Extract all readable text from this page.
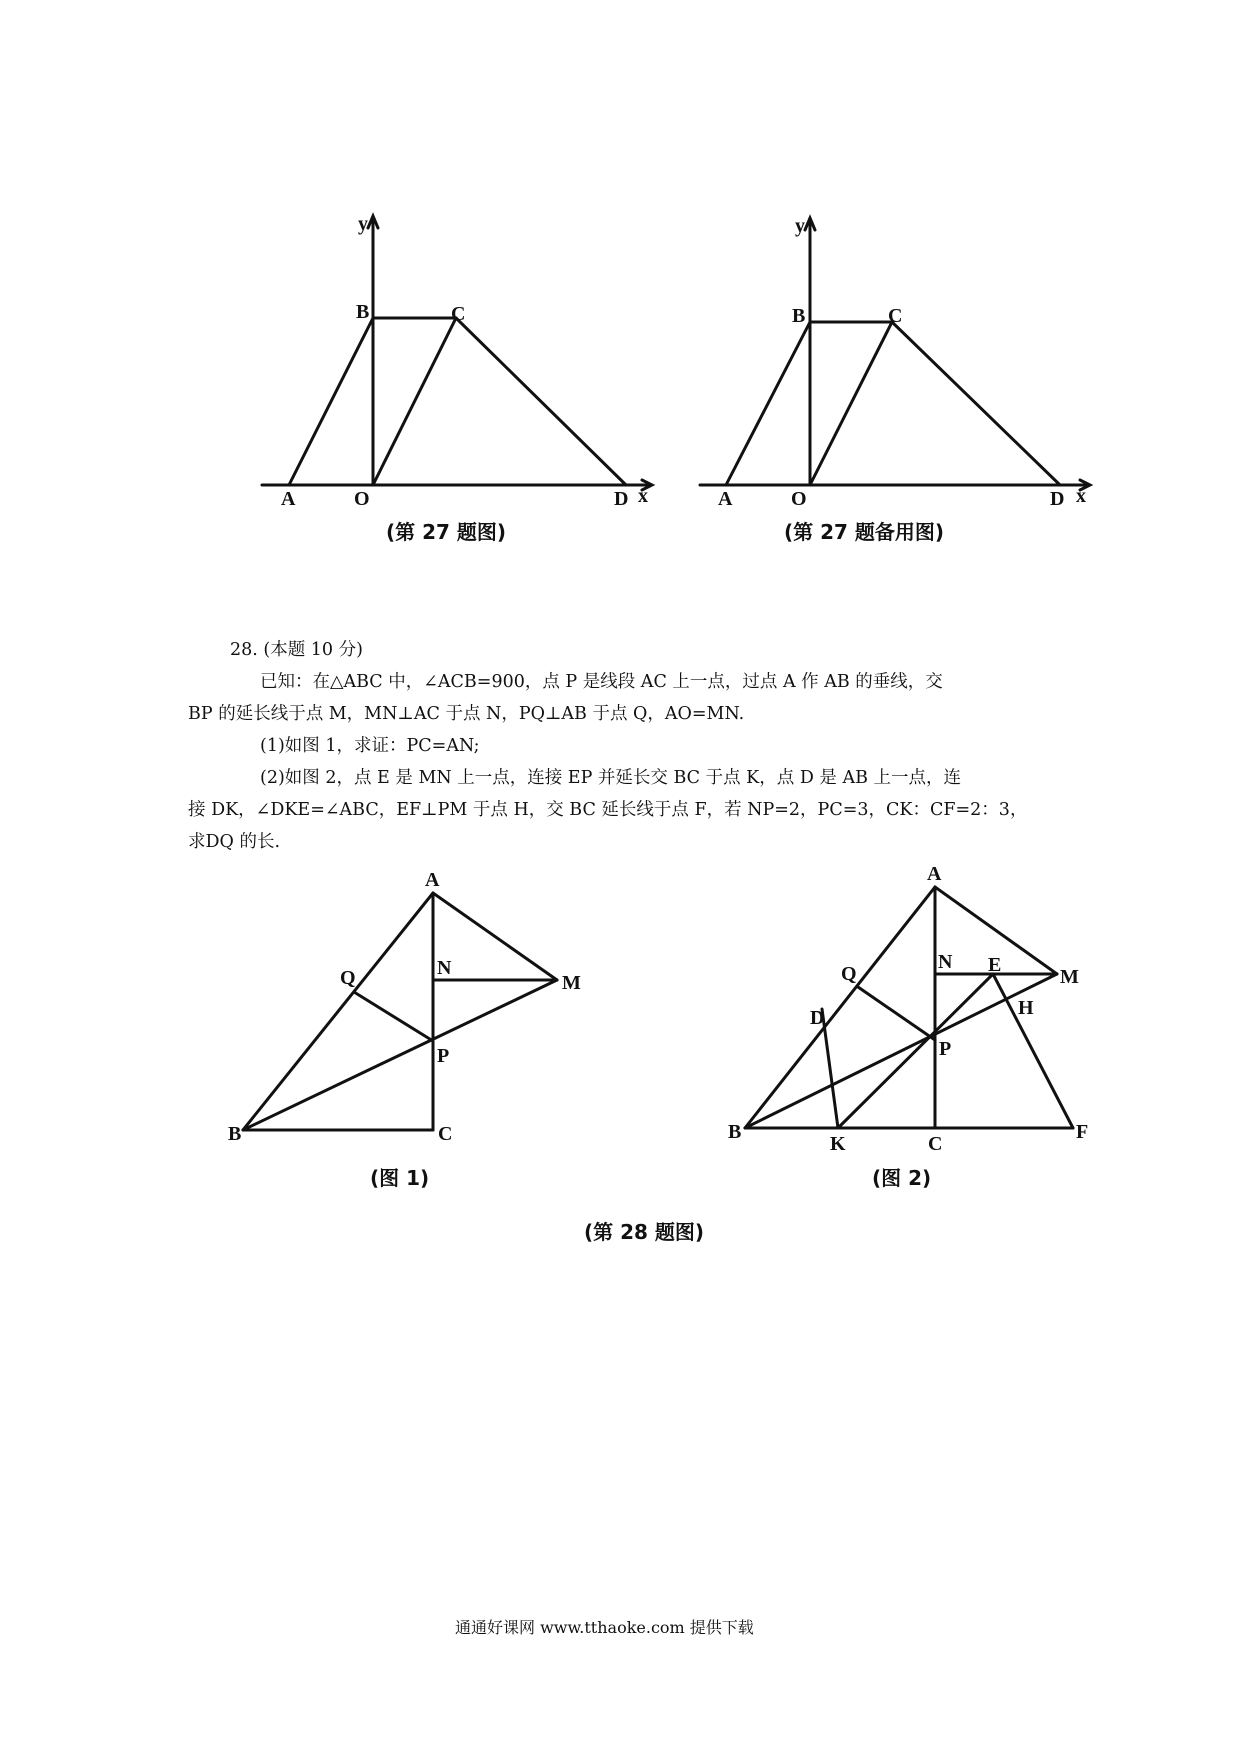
y
x
A	O
B	C
D
(第 27 题图)
y
x
A	O
B	C
D
(第 27 题备用图)
28. (本题 10 分)
已知：在△ABC 中，∠ACB=900，点 P 是线段 AC 上一点，过点 A 作 AB 的垂线，交
BP 的延长线于点 M，MN⊥AC 于点 N，PQ⊥AB 于点 Q，AO=MN.
(1)如图 1，求证：PC=AN;
(2)如图 2，点 E 是 MN 上一点，连接 EP 并延长交 BC 于点 K，点 D 是 AB 上一点，连
接 DK，∠DKE=∠ABC，EF⊥PM 于点 H，交 BC 延长线于点 F，若 NP=2，PC=3，CK：CF=2：3，
求DQ 的长.
A
Q	N
M
P
B	C
(图 1)
A
Q
N E
M
H
D
P
B
K	C
F
(图 2)
(第 28 题图)
通通好课网 www.tthaoke.com 提供下载
